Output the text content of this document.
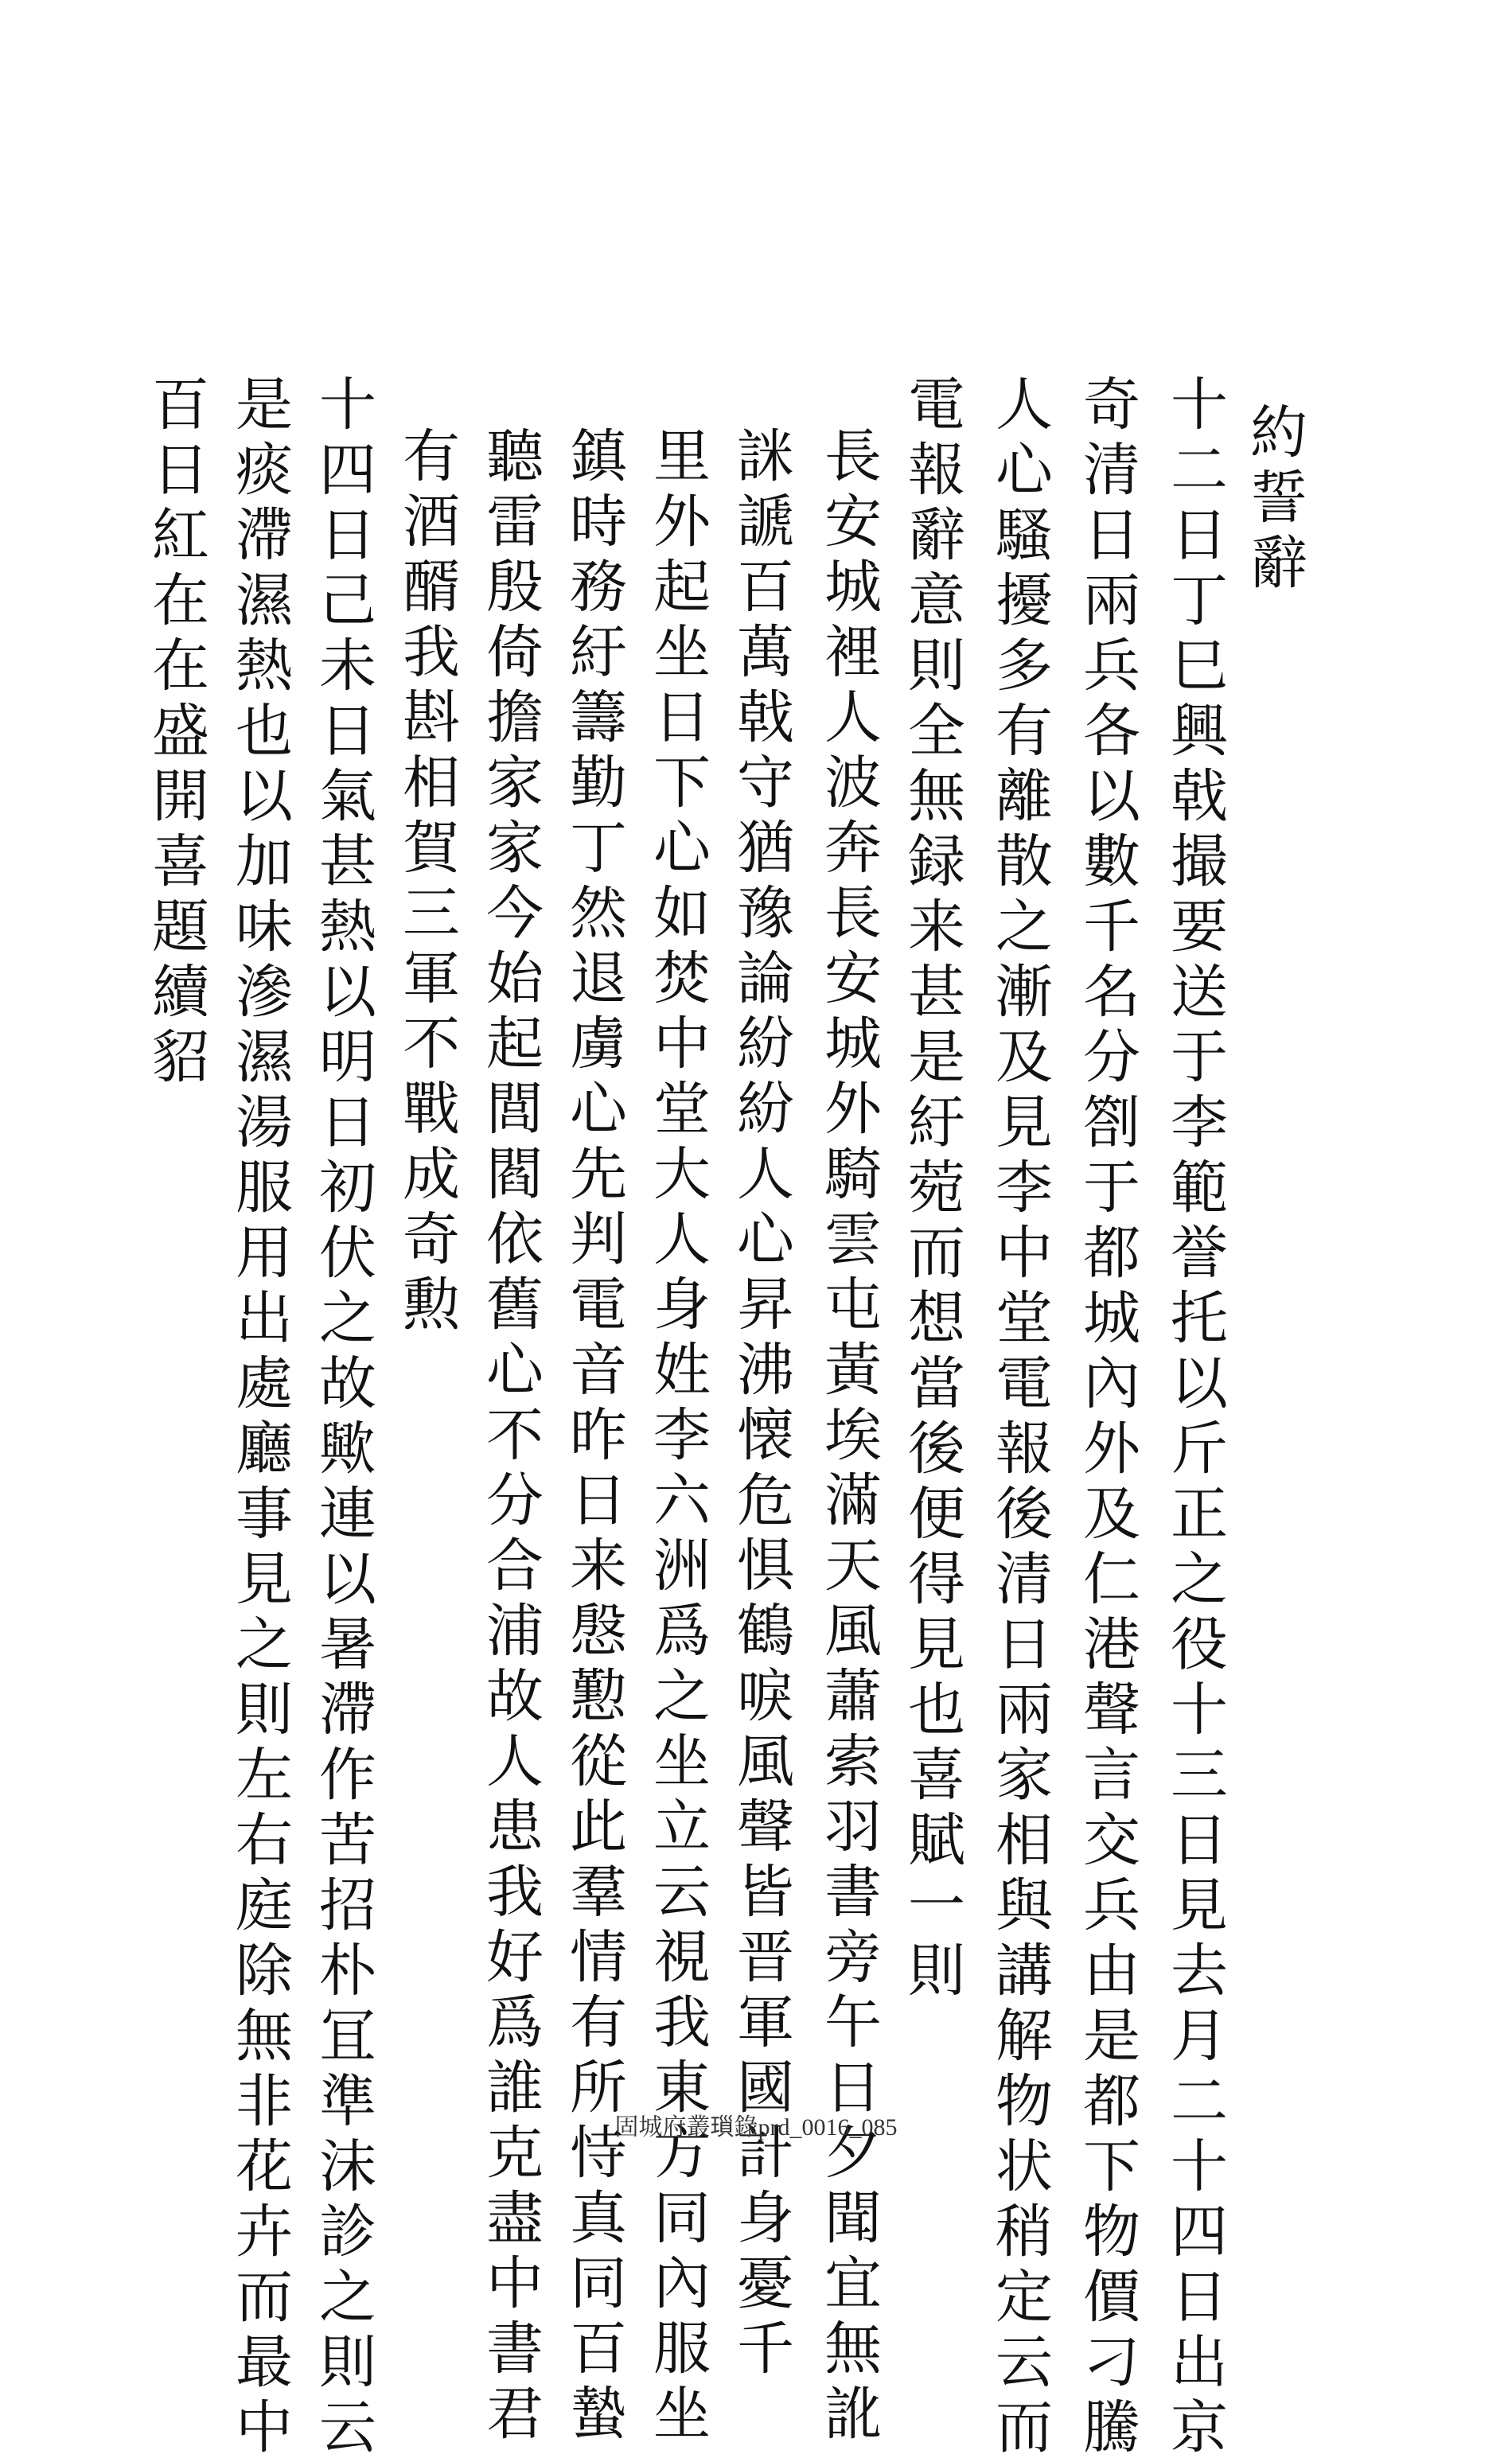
約誓辭
十二日丁巳興戟撮要送于李範誉托以斤正之役十三日見去月二十四日出京
奇清日兩兵各以數千名分劄于都城內外及仁港聲言交兵由是都下物價刁騰
人心騷擾多有離散之漸及見李中堂電報後清日兩家相與講解物状稍定云而
電報辭意則全無録来甚是紆菀而想當後便得見也喜賦一則
長安城裡人波奔長安城外騎雲屯黃埃滿天風蕭索羽書旁午日夕聞宜無訛
詸謕百萬戟守猶豫論紛紛人心昇沸懐危惧鶴唳風聲皆晋軍國計身憂千
里外起坐日下心如焚中堂大人身姓李六洲爲之坐立云視我東方同內服坐
鎮時務紆籌勤丁然退虜心先判電音昨日来慇懃從此羣情有所恃真同百蟄
聽雷殷倚擔家家今始起閭閻依舊心不分合浦故人患我好爲誰克盡中書君
有酒醑我斟相賀三軍不戰成奇勲
十四日己未日氣甚熱以明日初伏之故歟連以暑滯作苦招朴冝準沫診之則云
是痰滯濕熱也以加味滲濕湯服用出處廳事見之則左右庭除無非花卉而最中
百日紅在在盛開喜題續貂
固城府叢𤨏錄prd_0016_085
